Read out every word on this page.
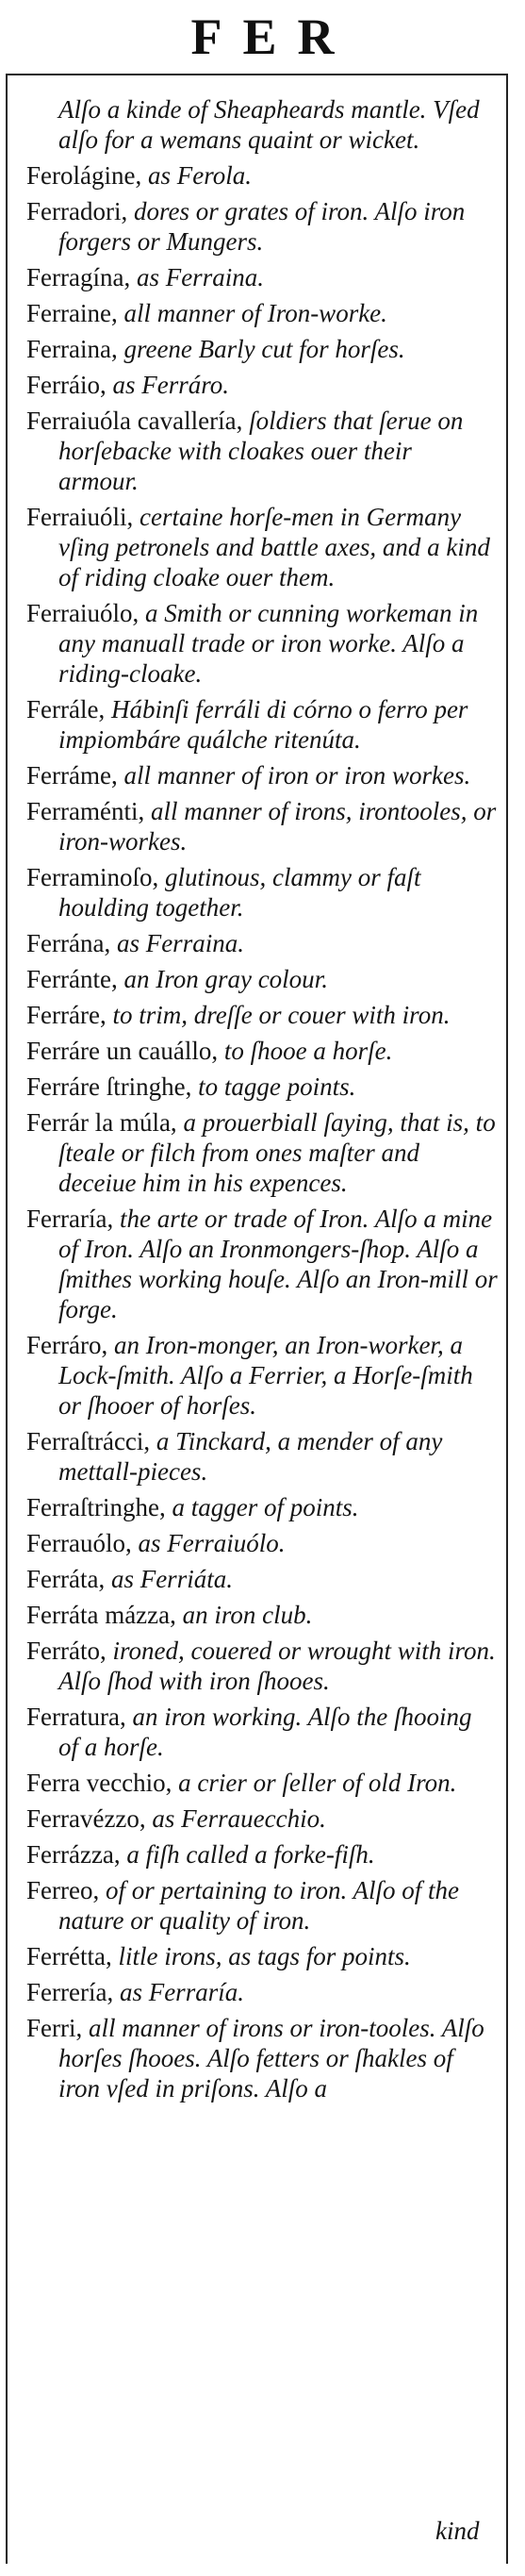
FER
Alſo a kinde of Sheapheards mantle. Vſed alſo for a wemans quaint or wicket.
Ferolágine, as Ferola.
Ferradori, dores or grates of iron. Alſo iron forgers or Mungers.
Ferragína, as Ferraina.
Ferraine, all manner of Iron-worke.
Ferraina, greene Barly cut for horſes.
Ferráio, as Ferráro.
Ferraiuóla cavallería, ſoldiers that ſerue on horſebacke with cloakes ouer their armour.
Ferraiuóli, certaine horſe-men in Germany vſing petronels and battle axes, and a kind of riding cloake ouer them.
Ferraiuólo, a Smith or cunning workeman in any manuall trade or iron worke. Alſo a riding-cloake.
Ferrále, Hábinſi ferráli di córno o ferro per impiombáre quálche ritenúta.
Ferráme, all manner of iron or iron workes.
Ferraménti, all manner of irons, irontooles, or iron-workes.
Ferraminoſo, glutinous, clammy or faſt houlding together.
Ferrána, as Ferraina.
Ferránte, an Iron gray colour.
Ferráre, to trim, dreſſe or couer with iron.
Ferráre un cauállo, to ſhooe a horſe.
Ferráre ſtringhe, to tagge points.
Ferrár la múla, a prouerbiall ſaying, that is, to ſteale or filch from ones maſter and deceiue him in his expences.
Ferraría, the arte or trade of Iron. Alſo a mine of Iron. Alſo an Ironmongers-ſhop. Alſo a ſmithes working houſe. Alſo an Iron-mill or forge.
Ferráro, an Iron-monger, an Iron-worker, a Lock-ſmith. Alſo a Ferrier, a Horſe-ſmith or ſhooer of horſes.
Ferraſtrácci, a Tinckard, a mender of any mettall-pieces.
Ferraſtringhe, a tagger of points.
Ferrauólo, as Ferraiuólo.
Ferráta, as Ferriáta.
Ferráta mázza, an iron club.
Ferráto, ironed, couered or wrought with iron. Alſo ſhod with iron ſhooes.
Ferratura, an iron working. Alſo the ſhooing of a horſe.
Ferra vecchio, a crier or ſeller of old Iron.
Ferravézzo, as Ferrauecchio.
Ferrázza, a fiſh called a forke-fiſh.
Ferreo, of or pertaining to iron. Alſo of the nature or quality of iron.
Ferrétta, litle irons, as tags for points.
Ferrería, as Ferraría.
Ferri, all manner of irons or iron-tooles. Alſo horſes ſhooes. Alſo fetters or ſhakles of iron vſed in priſons. Alſo a
kind
